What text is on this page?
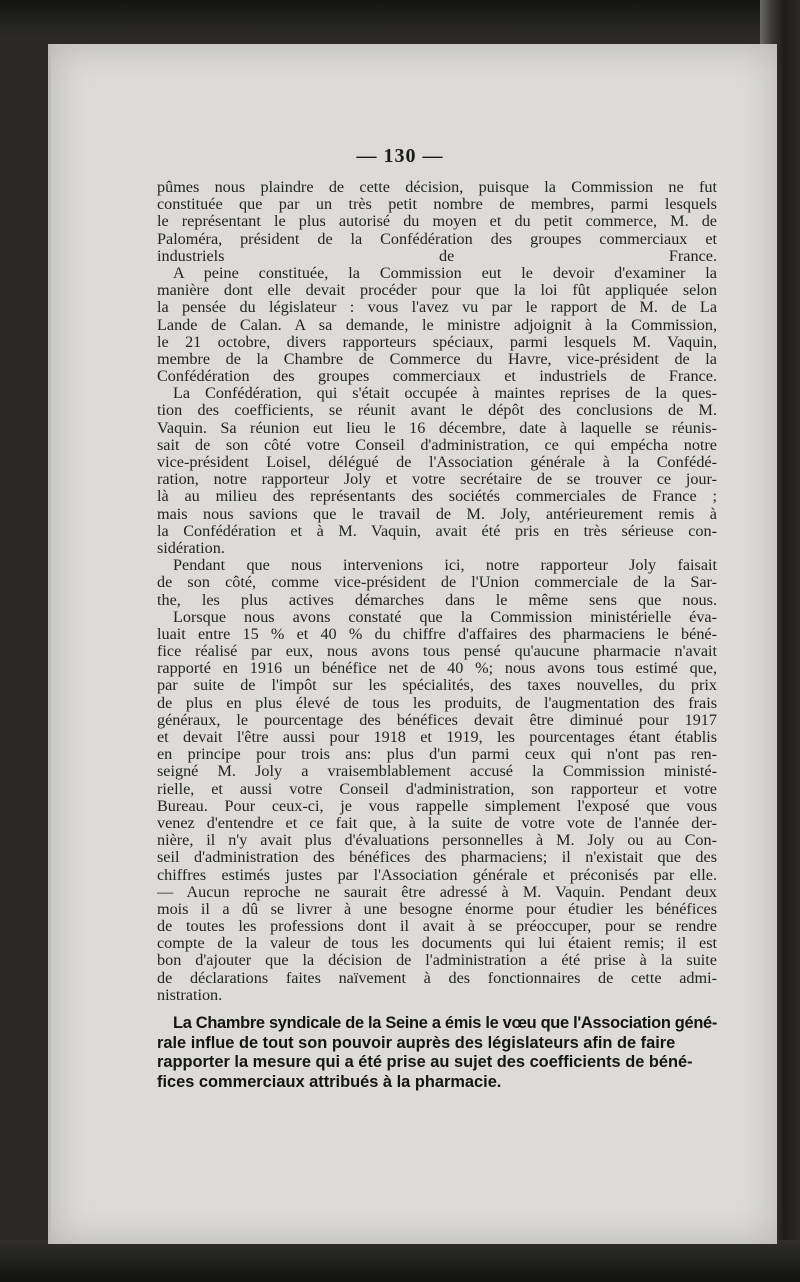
— 130 —
pûmes nous plaindre de cette décision, puisque la Commission ne fut
constituée que par un très petit nombre de membres, parmi lesquels
le représentant le plus autorisé du moyen et du petit commerce, M. de
Paloméra, président de la Confédération des groupes commerciaux et
industriels de France.
A peine constituée, la Commission eut le devoir d'examiner la
manière dont elle devait procéder pour que la loi fût appliquée selon
la pensée du législateur : vous l'avez vu par le rapport de M. de La
Lande de Calan. A sa demande, le ministre adjoignit à la Commission,
le 21 octobre, divers rapporteurs spéciaux, parmi lesquels M. Vaquin,
membre de la Chambre de Commerce du Havre, vice-président de la
Confédération des groupes commerciaux et industriels de France.
La Confédération, qui s'était occupée à maintes reprises de la ques-
tion des coefficients, se réunit avant le dépôt des conclusions de M.
Vaquin. Sa réunion eut lieu le 16 décembre, date à laquelle se réunis-
sait de son côté votre Conseil d'administration, ce qui empécha notre
vice-président Loisel, délégué de l'Association générale à la Confédé-
ration, notre rapporteur Joly et votre secrétaire de se trouver ce jour-
là au milieu des représentants des sociétés commerciales de France ;
mais nous savions que le travail de M. Joly, antérieurement remis à
la Confédération et à M. Vaquin, avait été pris en très sérieuse con-
sidération.
Pendant que nous intervenions ici, notre rapporteur Joly faisait
de son côté, comme vice-président de l'Union commerciale de la Sar-
the, les plus actives démarches dans le même sens que nous.
Lorsque nous avons constaté que la Commission ministérielle éva-
luait entre 15 % et 40 % du chiffre d'affaires des pharmaciens le béné-
fice réalisé par eux, nous avons tous pensé qu'aucune pharmacie n'avait
rapporté en 1916 un bénéfice net de 40 %; nous avons tous estimé que,
par suite de l'impôt sur les spécialités, des taxes nouvelles, du prix
de plus en plus élevé de tous les produits, de l'augmentation des frais
généraux, le pourcentage des bénéfices devait être diminué pour 1917
et devait l'être aussi pour 1918 et 1919, les pourcentages étant établis
en principe pour trois ans: plus d'un parmi ceux qui n'ont pas ren-
seigné M. Joly a vraisemblablement accusé la Commission ministé-
rielle, et aussi votre Conseil d'administration, son rapporteur et votre
Bureau. Pour ceux-ci, je vous rappelle simplement l'exposé que vous
venez d'entendre et ce fait que, à la suite de votre vote de l'année der-
nière, il n'y avait plus d'évaluations personnelles à M. Joly ou au Con-
seil d'administration des bénéfices des pharmaciens; il n'existait que des
chiffres estimés justes par l'Association générale et préconisés par elle.
— Aucun reproche ne saurait être adressé à M. Vaquin. Pendant deux
mois il a dû se livrer à une besogne énorme pour étudier les bénéfices
de toutes les professions dont il avait à se préoccuper, pour se rendre
compte de la valeur de tous les documents qui lui étaient remis; il est
bon d'ajouter que la décision de l'administration a été prise à la suite
de déclarations faites naïvement à des fonctionnaires de cette admi-
nistration.
La Chambre syndicale de la Seine a émis le vœu que l'Association géné-
rale influe de tout son pouvoir auprès des législateurs afin de faire
rapporter la mesure qui a été prise au sujet des coefficients de béné-
fices commerciaux attribués à la pharmacie.
